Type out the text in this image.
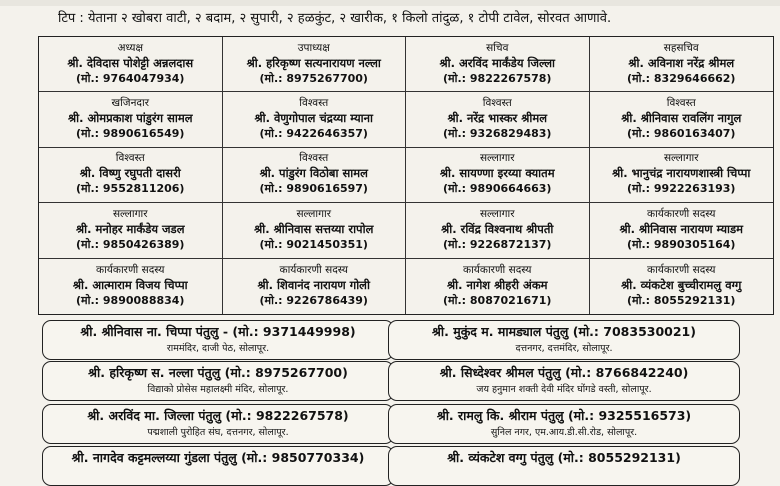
टिप : येताना २ खोबरा वाटी, २ बदाम, २ सुपारी, २ हळकुंट, २ खारीक, १ किलो तांदुळ, १ टोपी टावेल, सोरवत आणावे.
अध्यक्ष
श्री. देविदास पोशेट्टी अन्नलदास
(मो.: 9764047934)
उपाध्यक्ष
श्री. हरिकृष्ण सत्यनारायण नल्ला
(मो.: 8975267700)
सचिव
श्री. अरविंद मार्कंडेय जिल्ला
(मो.: 9822267578)
सहसचिव
श्री. अविनाश नरेंद्र श्रीमल
(मो.: 8329646662)
खजिनदार
श्री. ओमप्रकाश पांडुरंग सामल
(मो.: 9890616549)
विश्वस्त
श्री. वेणुगोपाल चंद्रय्या म्याना
(मो.: 9422646357)
विश्वस्त
श्री. नरेंद्र भास्कर श्रीमल
(मो.: 9326829483)
विश्वस्त
श्री. श्रीनिवास रावलिंग नागुल
(मो.: 9860163407)
विश्वस्त
श्री. विष्णु रघुपती दासरी
(मो.: 9552811206)
विश्वस्त
श्री. पांडुरंग विठोबा सामल
(मो.: 9890616597)
सल्लागार
श्री. सायण्णा इरय्या क्यातम
(मो.: 9890664663)
सल्लागार
श्री. भानुचंद्र नारायणशास्त्री चिप्पा
(मो.: 9922263193)
सल्लागार
श्री. मनोहर मार्कंडेय जडल
(मो.: 9850426389)
सल्लागार
श्री. श्रीनिवास सत्तय्या रापोल
(मो.: 9021450351)
सल्लागार
श्री. रविंद्र विश्वनाथ श्रीपती
(मो.: 9226872137)
कार्यकारणी सदस्य
श्री. श्रीनिवास नारायण म्याडम
(मो.: 9890305164)
कार्यकारणी सदस्य
श्री. आत्माराम विजय चिप्पा
(मो.: 9890088834)
कार्यकारणी सदस्य
श्री. शिवानंद नारायण गोली
(मो.: 9226786439)
कार्यकारणी सदस्य
श्री. नागेश श्रीहरी अंकम
(मो.: 8087021671)
कार्यकारणी सदस्य
श्री. व्यंकटेश बुच्चीरामलु वग्गु
(मो.: 8055292131)
श्री. श्रीनिवास ना. चिप्पा पंतुलु - (मो.: 9371449998)
राममंदिर, दाजी पेठ, सोलापूर.
श्री. मुकुंद म. मामड्याल पंतुलु (मो.: 7083530021)
दत्तनगर, दत्तमंदिर, सोलापूर.
श्री. हरिकृष्ण स. नल्ला पंतुलु (मो.: 8975267700)
विद्याको प्रोसेस महालक्ष्मी मंदिर, सोलापूर.
श्री. सिध्देश्वर श्रीमल पंतुलु (मो.: 8766842240)
जय हनुमान शक्ती देवी मंदिर घोंगडे वस्ती, सोलापूर.
श्री. अरविंद मा. जिल्ला पंतुलु (मो.: 9822267578)
पद्मशाली पुरोहित संघ, दत्तनगर, सोलापूर.
श्री. रामलु कि. श्रीराम पंतुलु (मो.: 9325516573)
सुनिल नगर, एम.आय.डी.सी.रोड, सोलापूर.
श्री. नागदेव कट्टमल्लय्या गुंडला पंतुलु (मो.: 9850770334)	श्री. व्यंकटेश वग्गु पंतुलु (मो.: 8055292131)
